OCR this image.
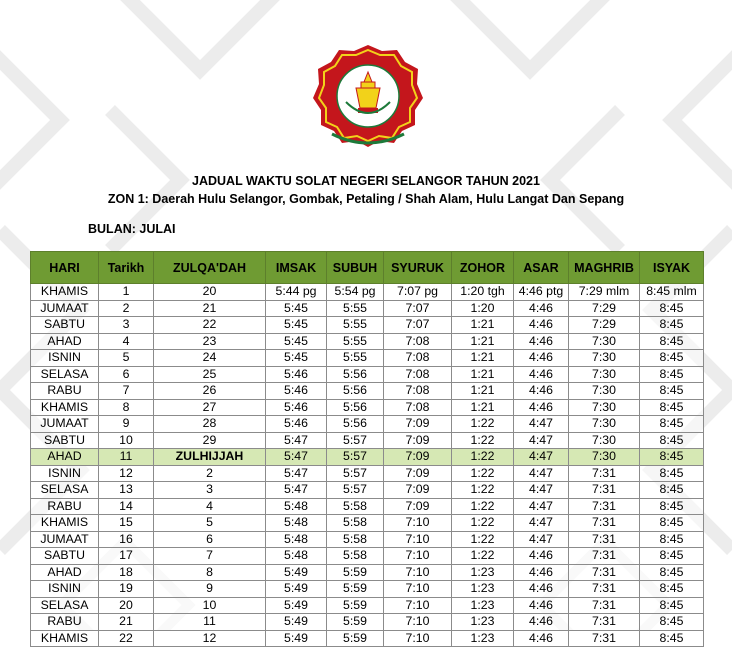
JADUAL WAKTU SOLAT NEGERI SELANGOR TAHUN 2021
ZON 1: Daerah Hulu Selangor, Gombak, Petaling / Shah Alam, Hulu Langat Dan Sepang
BULAN: JULAI
HARI	Tarikh	ZULQA'DAH	IMSAK	SUBUH	SYURUK	ZOHOR	ASAR	MAGHRIB	ISYAK
KHAMIS	1	20	5:44 pg	5:54 pg	7:07 pg	1:20 tgh	4:46 ptg	7:29 mlm	8:45 mlm
JUMAAT	2	21	5:45	5:55	7:07	1:20	4:46	7:29	8:45
SABTU	3	22	5:45	5:55	7:07	1:21	4:46	7:29	8:45
AHAD	4	23	5:45	5:55	7:08	1:21	4:46	7:30	8:45
ISNIN	5	24	5:45	5:55	7:08	1:21	4:46	7:30	8:45
SELASA	6	25	5:46	5:56	7:08	1:21	4:46	7:30	8:45
RABU	7	26	5:46	5:56	7:08	1:21	4:46	7:30	8:45
KHAMIS	8	27	5:46	5:56	7:08	1:21	4:46	7:30	8:45
JUMAAT	9	28	5:46	5:56	7:09	1:22	4:47	7:30	8:45
SABTU	10	29	5:47	5:57	7:09	1:22	4:47	7:30	8:45
AHAD	11	ZULHIJJAH	5:47	5:57	7:09	1:22	4:47	7:30	8:45
ISNIN	12	2	5:47	5:57	7:09	1:22	4:47	7:31	8:45
SELASA	13	3	5:47	5:57	7:09	1:22	4:47	7:31	8:45
RABU	14	4	5:48	5:58	7:09	1:22	4:47	7:31	8:45
KHAMIS	15	5	5:48	5:58	7:10	1:22	4:47	7:31	8:45
JUMAAT	16	6	5:48	5:58	7:10	1:22	4:47	7:31	8:45
SABTU	17	7	5:48	5:58	7:10	1:22	4:46	7:31	8:45
AHAD	18	8	5:49	5:59	7:10	1:23	4:46	7:31	8:45
ISNIN	19	9	5:49	5:59	7:10	1:23	4:46	7:31	8:45
SELASA	20	10	5:49	5:59	7:10	1:23	4:46	7:31	8:45
RABU	21	11	5:49	5:59	7:10	1:23	4:46	7:31	8:45
KHAMIS	22	12	5:49	5:59	7:10	1:23	4:46	7:31	8:45
